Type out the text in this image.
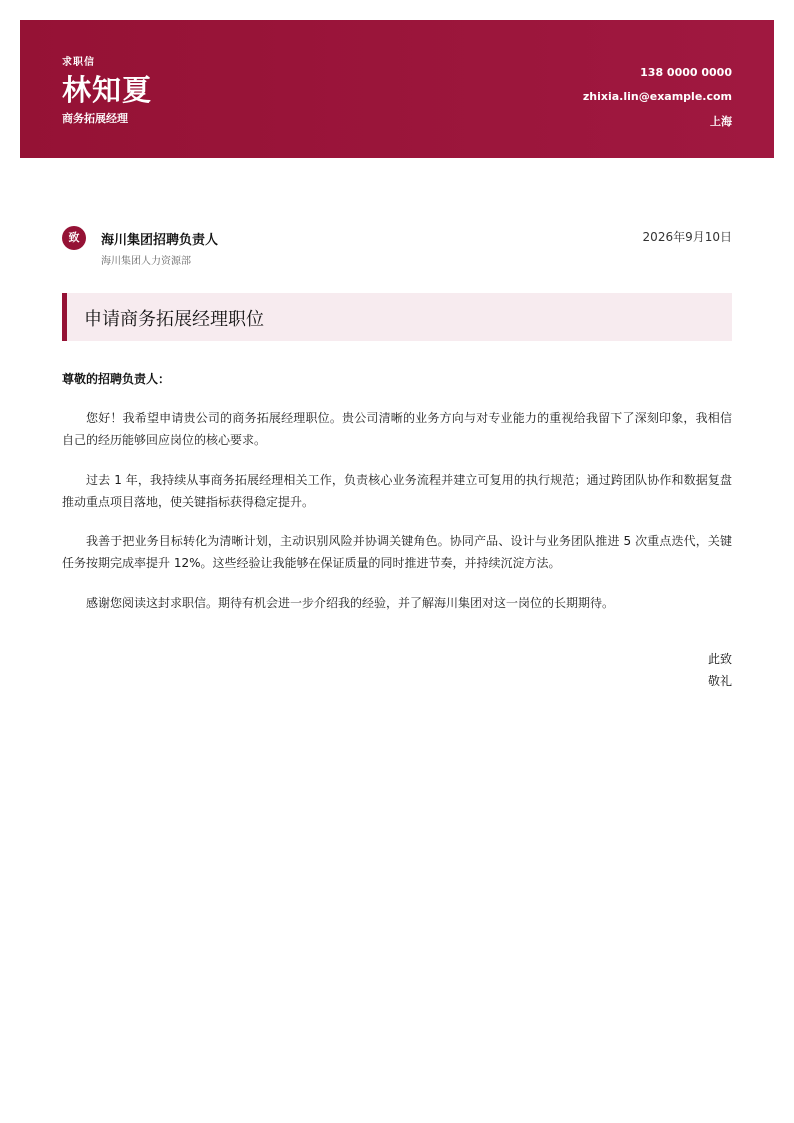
求职信
林知夏
商务拓展经理
138 0000 0000
zhixia.lin@example.com
上海
致	海川集团招聘负责人
海川集团人力资源部
2026年9月10日
申请商务拓展经理职位
尊敬的招聘负责人：
您好！我希望申请贵公司的商务拓展经理职位。贵公司清晰的业务方向与对专业能力的重视给我留下了深刻印象，我相信自己的经历能够回应岗位的核心要求。
过去 1 年，我持续从事商务拓展经理相关工作，负责核心业务流程并建立可复用的执行规范；通过跨团队协作和数据复盘推动重点项目落地，使关键指标获得稳定提升。
我善于把业务目标转化为清晰计划，主动识别风险并协调关键角色。协同产品、设计与业务团队推进 5 次重点迭代，关键任务按期完成率提升 12%。这些经验让我能够在保证质量的同时推进节奏，并持续沉淀方法。
感谢您阅读这封求职信。期待有机会进一步介绍我的经验，并了解海川集团对这一岗位的长期期待。
此致
敬礼
